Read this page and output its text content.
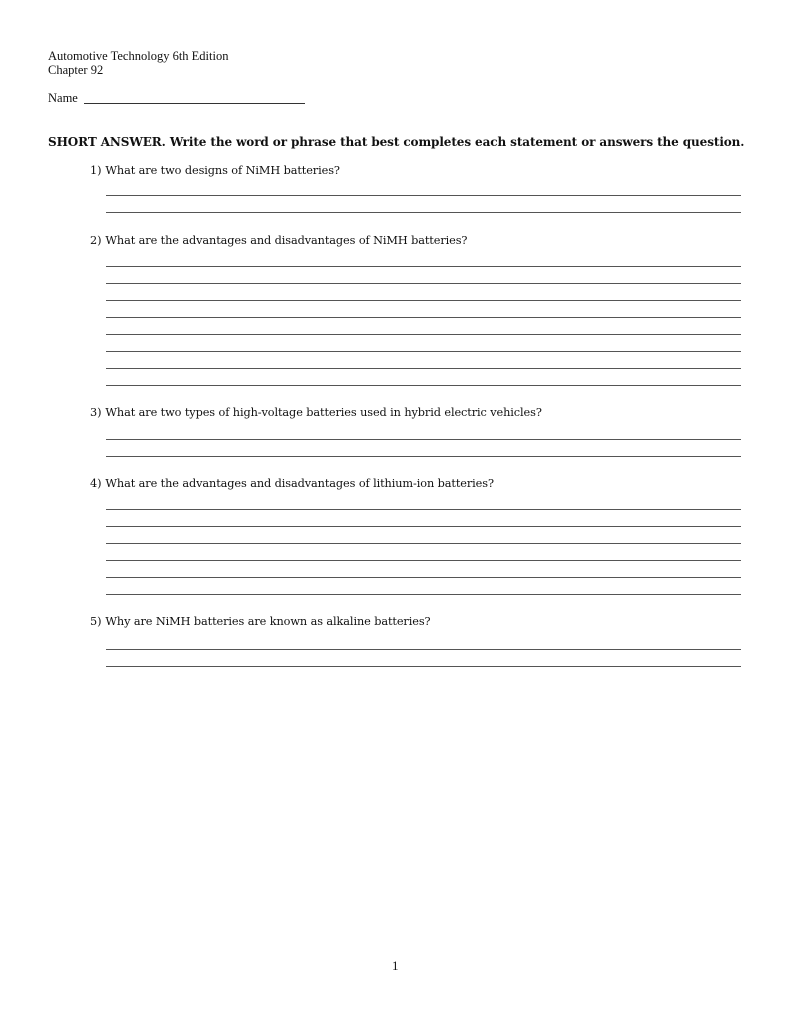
Automotive Technology 6th Edition
Chapter 92
Name
SHORT ANSWER. Write the word or phrase that best completes each statement or answers the question.
1) What are two designs of NiMH batteries?
2) What are the advantages and disadvantages of NiMH batteries?
3) What are two types of high-voltage batteries used in hybrid electric vehicles?
4) What are the advantages and disadvantages of lithium-ion batteries?
5) Why are NiMH batteries are known as alkaline batteries?
1
